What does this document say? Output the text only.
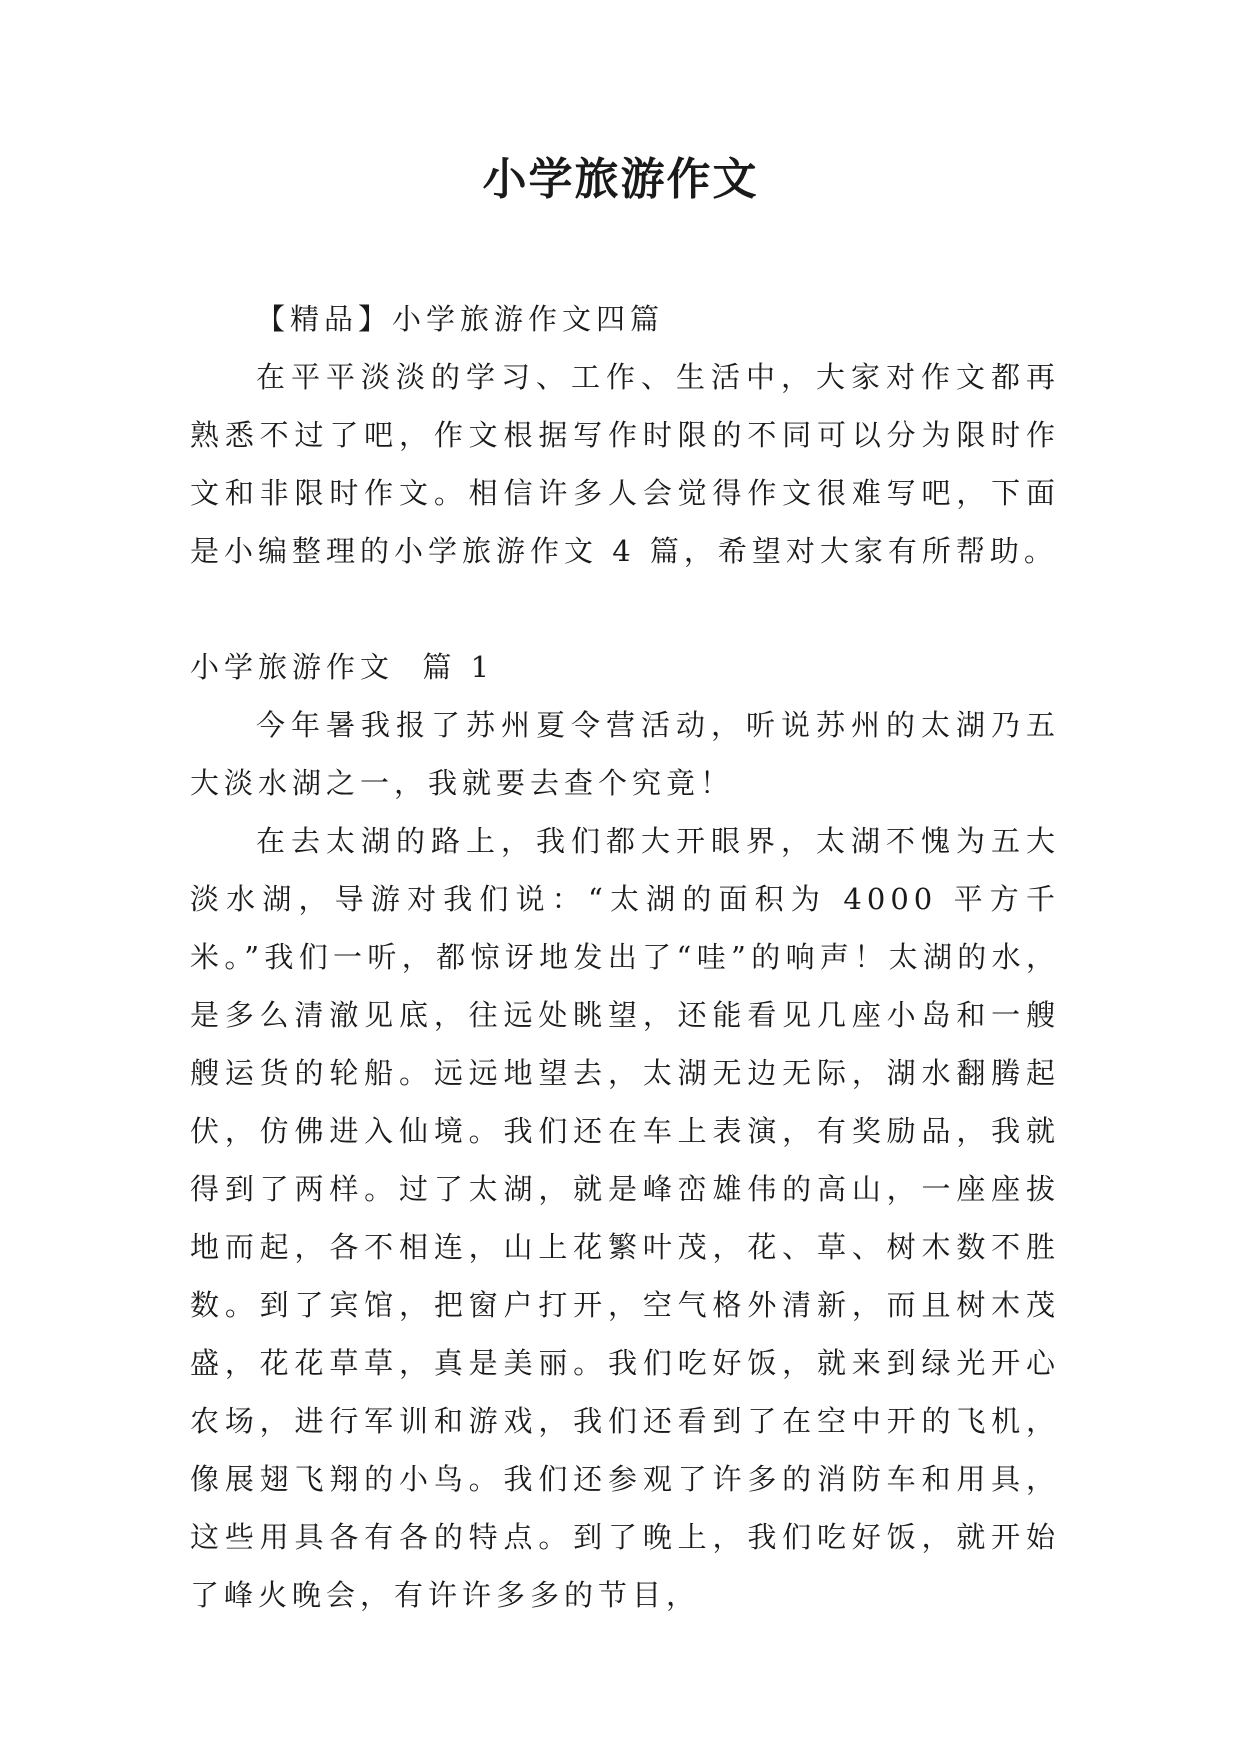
小学旅游作文

【精品】小学旅游作文四篇

在平平淡淡的学习、工作、生活中，大家对作文都再熟悉不过了吧，作文根据写作时限的不同可以分为限时作文和非限时作文。相信许多人会觉得作文很难写吧，下面是小编整理的小学旅游作文 4 篇，希望对大家有所帮助。

小学旅游作文  篇 1

今年暑我报了苏州夏令营活动，听说苏州的太湖乃五大淡水湖之一，我就要去查个究竟！

在去太湖的路上，我们都大开眼界，太湖不愧为五大淡水湖，导游对我们说：“太湖的面积为 4000 平方千米。”我们一听，都惊讶地发出了“哇”的响声！太湖的水，是多么清澈见底，往远处眺望，还能看见几座小岛和一艘艘运货的轮船。远远地望去，太湖无边无际，湖水翻腾起伏，仿佛进入仙境。我们还在车上表演，有奖励品，我就得到了两样。过了太湖，就是峰峦雄伟的高山，一座座拔地而起，各不相连，山上花繁叶茂，花、草、树木数不胜数。到了宾馆，把窗户打开，空气格外清新，而且树木茂盛，花花草草，真是美丽。我们吃好饭，就来到绿光开心农场，进行军训和游戏，我们还看到了在空中开的飞机，像展翅飞翔的小鸟。我们还参观了许多的消防车和用具，这些用具各有各的特点。到了晚上，我们吃好饭，就开始了峰火晚会，有许许多多的节目，
